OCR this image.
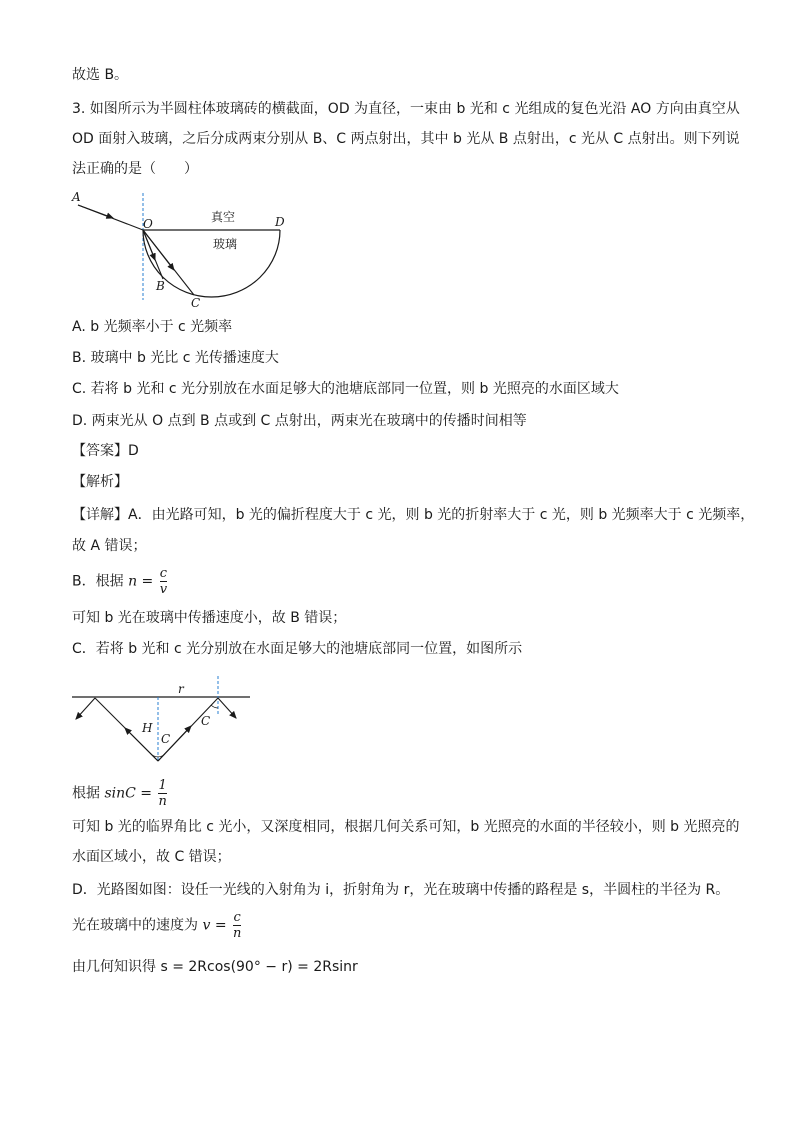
故选 B。
3. 如图所示为半圆柱体玻璃砖的横截面，OD 为直径，一束由 b 光和 c 光组成的复色光沿 AO 方向由真空从
OD 面射入玻璃，之后分成两束分别从 B、C 两点射出，其中 b 光从 B 点射出，c 光从 C 点射出。则下列说
法正确的是（　　）
A
O	D
B
C
真空
玻璃
A. b 光频率小于 c 光频率
B. 玻璃中 b 光比 c 光传播速度大
C. 若将 b 光和 c 光分别放在水面足够大的池塘底部同一位置，则 b 光照亮的水面区域大
D. 两束光从 O 点到 B 点或到 C 点射出，两束光在玻璃中的传播时间相等
【答案】D
【解析】
【详解】A．由光路可知，b 光的偏折程度大于 c 光，则 b 光的折射率大于 c 光，则 b 光频率大于 c 光频率，
故 A 错误；
B．根据 $n = \frac{c}{v}$
可知 b 光在玻璃中传播速度小，故 B 错误；
C．若将 b 光和 c 光分别放在水面足够大的池塘底部同一位置，如图所示
r
H
C
C
根据 $\sin C = \frac{1}{n}$
可知 b 光的临界角比 c 光小，又深度相同，根据几何关系可知，b 光照亮的水面的半径较小，则 b 光照亮的
水面区域小，故 C 错误；
D．光路图如图：设任一光线的入射角为 i，折射角为 r，光在玻璃中传播的路程是 s，半圆柱的半径为 R。
光在玻璃中的速度为 $v = \frac{c}{n}$
由几何知识得 s = 2Rcos(90° − r) = 2Rsinr
